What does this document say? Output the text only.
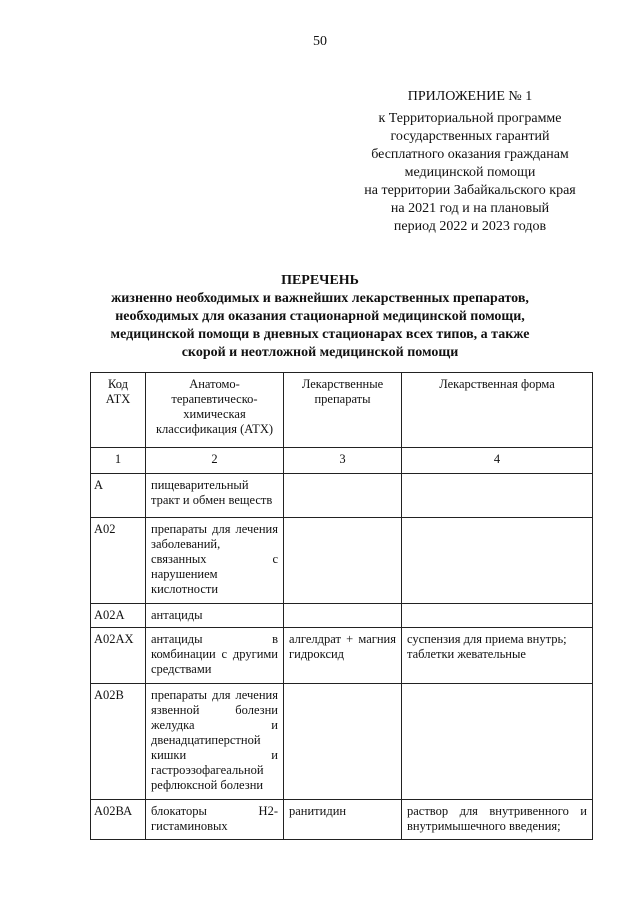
50
ПРИЛОЖЕНИЕ № 1
к Территориальной программе
государственных гарантий
бесплатного оказания гражданам
медицинской помощи
на территории Забайкальского края
на 2021 год и на плановый
период 2022 и 2023 годов
ПЕРЕЧЕНЬ
жизненно необходимых и важнейших лекарственных препаратов,
необходимых для оказания стационарной медицинской помощи,
медицинской помощи в дневных стационарах всех типов, а также
скорой и неотложной медицинской помощи
Код АТХ	Анатомо-терапевтическо-химическая классификация (АТХ)	Лекарственные препараты	Лекарственная форма
1	2	3	4
А	пищеварительный тракт и обмен веществ		
А02	препараты для лечения заболеваний, связанных с нарушением кислотности		
А02А	антациды		
А02АХ	антациды в комбинации с другими средствами	алгелдрат + магния гидроксид	суспензия для приема внутрь; таблетки жевательные
А02В	препараты для лечения язвенной болезни желудка и двенадцатиперстной кишки и гастроэзофагеальной рефлюксной болезни		
А02ВА	блокаторы Н2-гистаминовых	ранитидин	раствор для внутривенного и внутримышечного введения;
